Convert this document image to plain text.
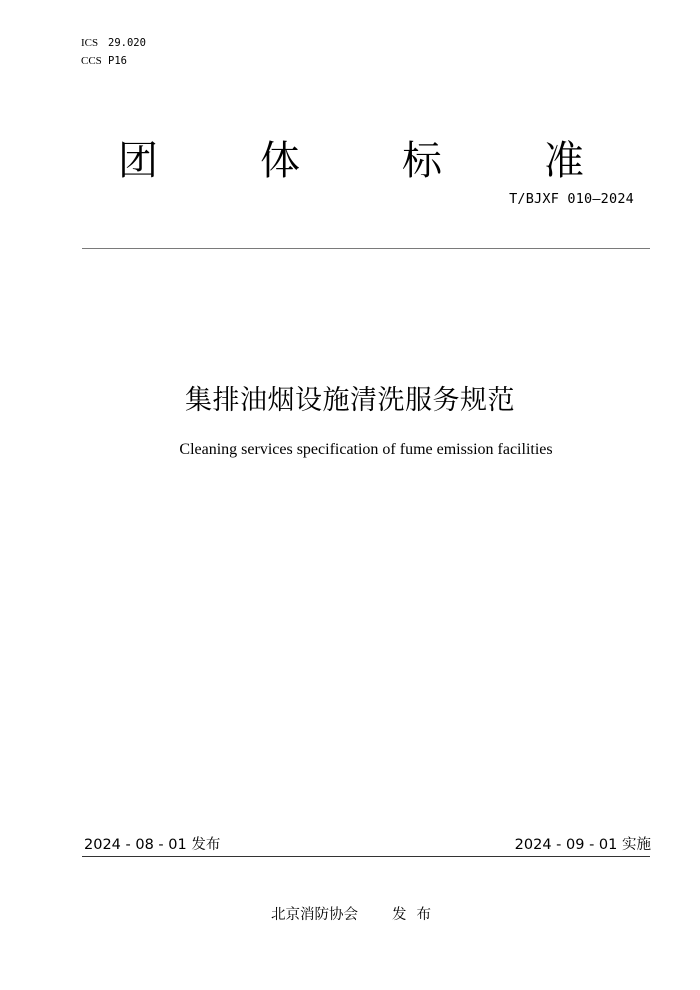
ICS 29.020
CCS P16
团	体	标	准
T/BJXF 010—2024
集排油烟设施清洗服务规范
Cleaning services specification of fume emission facilities
2024 - 08 - 01 发布	2024 - 09 - 01 实施
北京消防协会 发布
